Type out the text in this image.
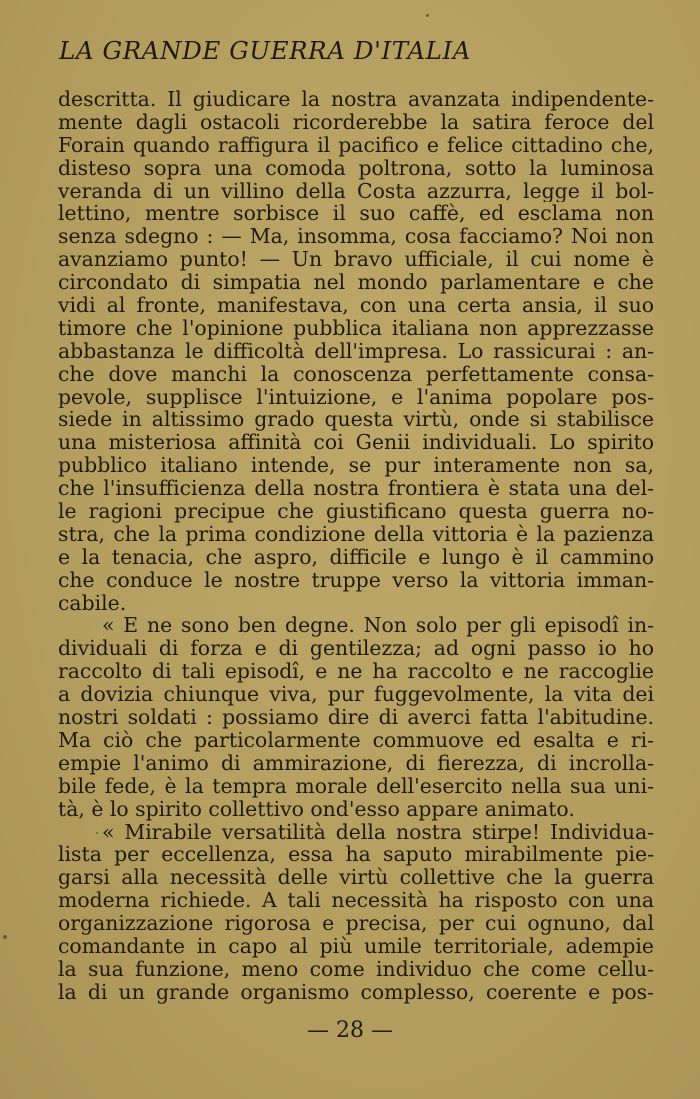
LA GRANDE GUERRA D'ITALIA
descritta. Il giudicare la nostra avanzata indipendente-
mente dagli ostacoli ricorderebbe la satira feroce del
Forain quando raffigura il pacifico e felice cittadino che,
disteso sopra una comoda poltrona, sotto la luminosa
veranda di un villino della Costa azzurra, legge il bol-
lettino, mentre sorbisce il suo caffè, ed esclama non
senza sdegno : — Ma, insomma, cosa facciamo? Noi non
avanziamo punto! — Un bravo ufficiale, il cui nome è
circondato di simpatia nel mondo parlamentare e che
vidi al fronte, manifestava, con una certa ansia, il suo
timore che l'opinione pubblica italiana non apprezzasse
abbastanza le difficoltà dell'impresa. Lo rassicurai : an-
che dove manchi la conoscenza perfettamente consa-
pevole, supplisce l'intuizione, e l'anima popolare pos-
siede in altissimo grado questa virtù, onde si stabilisce
una misteriosa affinità coi Genii individuali. Lo spirito
pubblico italiano intende, se pur interamente non sa,
che l'insufficienza della nostra frontiera è stata una del-
le ragioni precipue che giustificano questa guerra no-
stra, che la prima condizione della vittoria è la pazienza
e la tenacia, che aspro, difficile e lungo è il cammino
che conduce le nostre truppe verso la vittoria imman-
cabile.
« E ne sono ben degne. Non solo per gli episodî in-
dividuali di forza e di gentilezza; ad ogni passo io ho
raccolto di tali episodî, e ne ha raccolto e ne raccoglie
a dovizia chiunque viva, pur fuggevolmente, la vita dei
nostri soldati : possiamo dire di averci fatta l'abitudine.
Ma ciò che particolarmente commuove ed esalta e ri-
empie l'animo di ammirazione, di fierezza, di incrolla-
bile fede, è la tempra morale dell'esercito nella sua uni-
tà, è lo spirito collettivo ond'esso appare animato.
« Mirabile versatilità della nostra stirpe! Individua-
lista per eccellenza, essa ha saputo mirabilmente pie-
garsi alla necessità delle virtù collettive che la guerra
moderna richiede. A tali necessità ha risposto con una
organizzazione rigorosa e precisa, per cui ognuno, dal
comandante in capo al più umile territoriale, adempie
la sua funzione, meno come individuo che come cellu-
la di un grande organismo complesso, coerente e pos-
— 28 —
